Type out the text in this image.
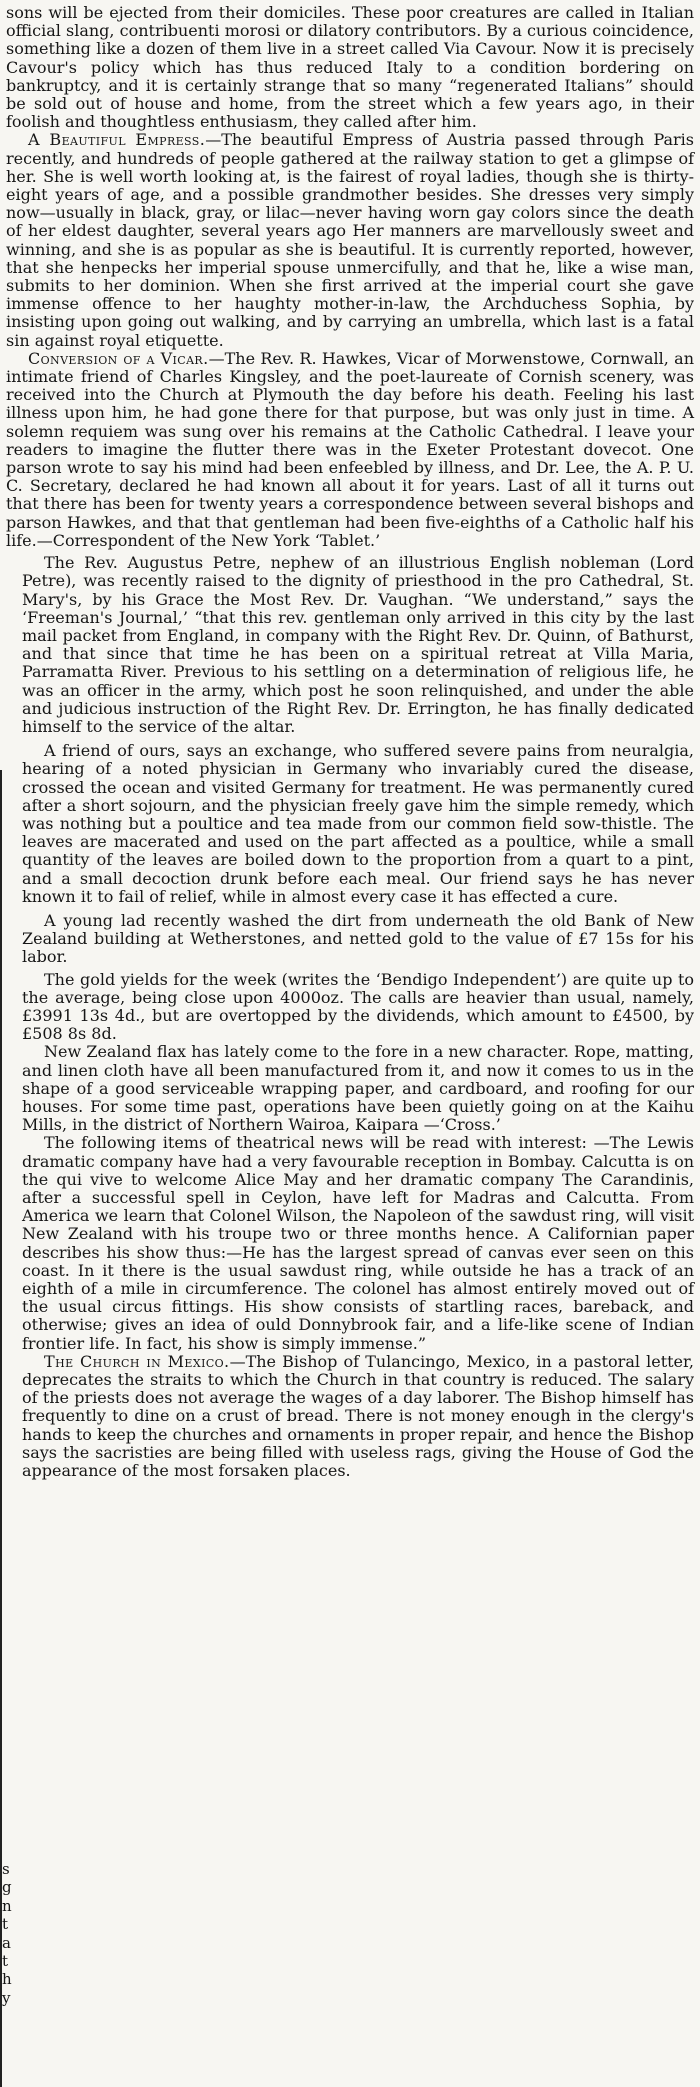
sons will be ejected from their domiciles. These poor creatures are called in Italian official slang, contribuenti morosi or dilatory contributors. By a curious coincidence, something like a dozen of them live in a street called Via Cavour. Now it is precisely Cavour's policy which has thus reduced Italy to a condition bordering on bankruptcy, and it is certainly strange that so many “regenerated Italians” should be sold out of house and home, from the street which a few years ago, in their foolish and thoughtless enthusiasm, they called after him.

A Beautiful Empress.—The beautiful Empress of Austria passed through Paris recently, and hundreds of people gathered at the railway station to get a glimpse of her. She is well worth looking at, is the fairest of royal ladies, though she is thirty-eight years of age, and a possible grandmother besides. She dresses very simply now—usually in black, gray, or lilac—never having worn gay colors since the death of her eldest daughter, several years ago Her manners are marvellously sweet and winning, and she is as popular as she is beautiful. It is currently reported, however, that she henpecks her imperial spouse unmercifully, and that he, like a wise man, submits to her dominion. When she first arrived at the imperial court she gave immense offence to her haughty mother-in-law, the Archduchess Sophia, by insisting upon going out walking, and by carrying an umbrella, which last is a fatal sin against royal etiquette.

Conversion of a Vicar.—The Rev. R. Hawkes, Vicar of Morwenstowe, Cornwall, an intimate friend of Charles Kingsley, and the poet-laureate of Cornish scenery, was received into the Church at Plymouth the day before his death. Feeling his last illness upon him, he had gone there for that purpose, but was only just in time. A solemn requiem was sung over his remains at the Catholic Cathedral. I leave your readers to imagine the flutter there was in the Exeter Protestant dovecot. One parson wrote to say his mind had been enfeebled by illness, and Dr. Lee, the A. P. U. C. Secretary, declared he had known all about it for years. Last of all it turns out that there has been for twenty years a correspondence between several bishops and parson Hawkes, and that that gentleman had been five-eighths of a Catholic half his life.—Correspondent of the New York ‘Tablet.’

The Rev. Augustus Petre, nephew of an illustrious English nobleman (Lord Petre), was recently raised to the dignity of priesthood in the pro Cathedral, St. Mary's, by his Grace the Most Rev. Dr. Vaughan. “We understand,” says the ‘Freeman's Journal,’ “that this rev. gentleman only arrived in this city by the last mail packet from England, in company with the Right Rev. Dr. Quinn, of Bathurst, and that since that time he has been on a spiritual retreat at Villa Maria, Parramatta River. Previous to his settling on a determination of religious life, he was an officer in the army, which post he soon relinquished, and under the able and judicious instruction of the Right Rev. Dr. Errington, he has finally dedicated himself to the service of the altar.

A friend of ours, says an exchange, who suffered severe pains from neuralgia, hearing of a noted physician in Germany who invariably cured the disease, crossed the ocean and visited Germany for treatment. He was permanently cured after a short sojourn, and the physician freely gave him the simple remedy, which was nothing but a poultice and tea made from our common field sow-thistle. The leaves are macerated and used on the part affected as a poultice, while a small quantity of the leaves are boiled down to the proportion from a quart to a pint, and a small decoction drunk before each meal. Our friend says he has never known it to fail of relief, while in almost every case it has effected a cure.

A young lad recently washed the dirt from underneath the old Bank of New Zealand building at Wetherstones, and netted gold to the value of £7 15s for his labor.

The gold yields for the week (writes the ‘Bendigo Independent’) are quite up to the average, being close upon 4000oz. The calls are heavier than usual, namely, £3991 13s 4d., but are overtopped by the dividends, which amount to £4500, by £508 8s 8d.

New Zealand flax has lately come to the fore in a new character. Rope, matting, and linen cloth have all been manufactured from it, and now it comes to us in the shape of a good serviceable wrapping paper, and cardboard, and roofing for our houses. For some time past, operations have been quietly going on at the Kaihu Mills, in the district of Northern Wairoa, Kaipara —‘Cross.’

The following items of theatrical news will be read with interest: —The Lewis dramatic company have had a very favourable reception in Bombay. Calcutta is on the qui vive to welcome Alice May and her dramatic company The Carandinis, after a successful spell in Ceylon, have left for Madras and Calcutta. From America we learn that Colonel Wilson, the Napoleon of the sawdust ring, will visit New Zealand with his troupe two or three months hence. A Californian paper describes his show thus:—He has the largest spread of canvas ever seen on this coast. In it there is the usual sawdust ring, while outside he has a track of an eighth of a mile in circumference. The colonel has almost entirely moved out of the usual circus fittings. His show consists of startling races, bareback, and otherwise; gives an idea of ould Donnybrook fair, and a life-like scene of Indian frontier life. In fact, his show is simply immense.”

The Church in Mexico.—The Bishop of Tulancingo, Mexico, in a pastoral letter, deprecates the straits to which the Church in that country is reduced. The salary of the priests does not average the wages of a day laborer. The Bishop himself has frequently to dine on a crust of bread. There is not money enough in the clergy's hands to keep the churches and ornaments in proper repair, and hence the Bishop says the sacristies are being filled with useless rags, giving the House of God the appearance of the most forsaken places.

s
g
n
t
a
t
h
y
